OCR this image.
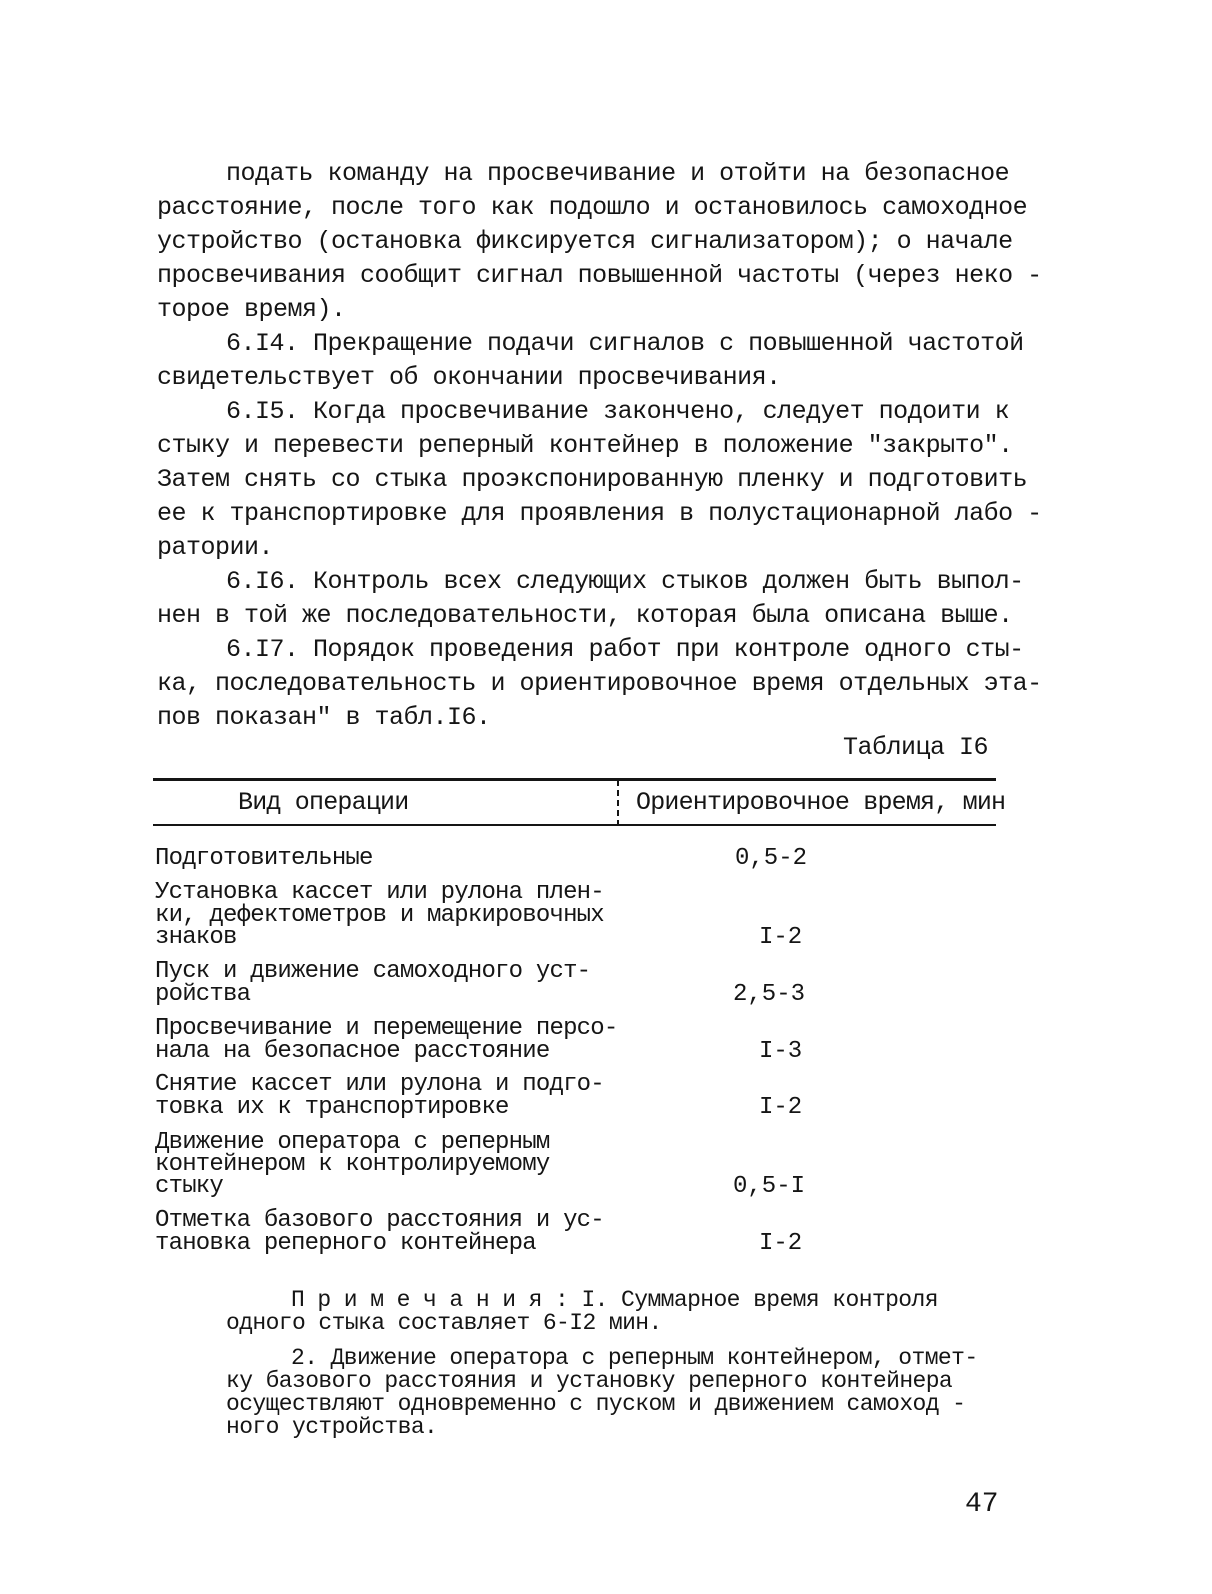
подать команду на просвечивание и отойти на безопасное
расстояние, после того как подошло и остановилось самоходное
устройство (остановка фиксируется сигнализатором); о начале
просвечивания сообщит сигнал повышенной частоты (через неко -
торое время).
6.I4. Прекращение подачи сигналов с повышенной частотой
свидетельствует об окончании просвечивания.
6.I5. Когда просвечивание закончено, следует подоити к
стыку и перевести реперный контейнер в положение "закрыто".
Затем снять со стыка проэкспонированную пленку и подготовить
ее к транспортировке для проявления в полустационарной лабо -
ратории.
6.I6. Контроль всех следующих стыков должен быть выпол-
нен в той же последовательности, которая была описана выше.
6.I7. Порядок проведения работ при контроле одного сты-
ка, последовательность и ориентировочное время отдельных эта-
пов показан" в табл.I6.
Таблица I6
Вид операции	Ориентировочное время, мин
Подготовительные	0,5-2
Установка кассет или рулона плен-
ки, дефектометров и маркировочных
знаков	I-2
Пуск и движение самоходного уст-
ройства	2,5-3
Просвечивание и перемещение персо-
нала на безопасное расстояние	I-3
Снятие кассет или рулона и подго-
товка их к транспортировке	I-2
Движение оператора с реперным
контейнером к контролируемому
стыку	0,5-I
Отметка базового расстояния и ус-
тановка реперного контейнера	I-2
П р и м е ч а н и я : I. Суммарное время контроля
одного стыка составляет 6-I2 мин.
2. Движение оператора с реперным контейнером, отмет-
ку базового расстояния и установку реперного контейнера
осуществляют одновременно с пуском и движением самоход -
ного устройства.
47
